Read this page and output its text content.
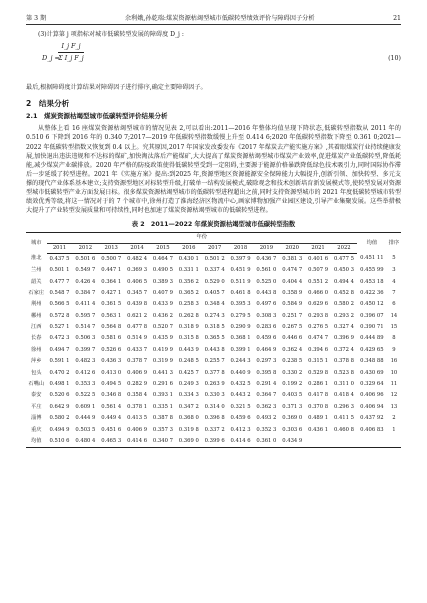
第 3 期	余利娥,孙乾瑞:煤炭资源枯竭型城市低碳转型绩效评价与障碍因子分析	21

(3)计算第 j 项指标对城市低碳转型发展的障碍度 D_j :

D_j =
$\frac{\text{I\_j F\_j}}{\text{Σ I\_j F\_j}}$	(10)

最后,根据障碍度计算结果对障碍因子进行排序,确定主要障碍因子。

2　结果分析
2.1　煤炭资源枯竭型城市低碳转型评价结果分析

从整体上看 16 座煤炭资源枯竭型城市的情况见表 2,可以看出:2011—2016 年整体均值呈现下降状态,低碳转型指数从 2011 年的 0.510 6 下降到 2016 年的 0.340 7;2017—2019 年低碳转型指数缓慢上升至 0.414 6;2020 年低碳转型指数下降至 0.361 0;2021—2022 年低碳转型指数又恢复到 0.4 以上。究其原因,2017 年国家发改委发布《2017 年煤炭去产能实施方案》,其着眼煤炭行业持续健康发展,加快退出违法违规和不达标的煤矿,加快淘汰落后产能煤矿,大大提高了煤炭资源枯竭型城市煤炭产业效率,促进煤炭产业低碳转型,降低耗能,减少煤炭产业碳排放。2020 年严格的防疫政策使得低碳转型受到一定阻碍,主要源于能源价格暴跌降低绿色技术吸引力,同时国际协作滞后一步延缓了转型进程。2021 年《实施方案》提出:到2025 年,资源型地区资源能源安全保障能力大幅提升,创新引领、加快转型、多元支撑的现代产业体系基本建立;支持资源型地区对标转型升级,打破单一结构发展模式,破除观念和技术创新培育新发展模式等,使转型发展对资源型城市低碳转型产业方面发展日标。很多煤炭资源枯竭型城市的低碳转型进程超出之前,同时支持资源型城市的 2021 年度低碳转型城市转型绩效优秀等级,将这一情况对于的 7 个城市中,徐州打造了淮海经济区物流中心,画家博物加强产业园区建设,引导产业集聚发展。这些举措极大提升了产业转型发展质量和可持续性,同时也加速了煤炭资源枯竭型城市的低碳转型进程。

表 2　2011—2022 年煤炭资源枯竭型城市低碳转型指数
城市	年份												均值	排序
	2011	2012	2013	2014	2015	2016	2017	2018	2019	2020	2021	2022		
淮北	0.437 5	0.501 6	0.500 7	0.482 4	0.464 7	0.430 1	0.501 2	0.397 9	0.436 7	0.381 3	0.401 6	0.477 5	0.451 11	5
兰州	0.501 1	0.549 7	0.447 1	0.369 3	0.490 5	0.331 1	0.337 4	0.451 9	0.561 0	0.474 7	0.507 9	0.450 3	0.455 99	3
韶关	0.477 7	0.426 4	0.364 1	0.406 5	0.389 3	0.356 2	0.529 0	0.511 9	0.525 0	0.404 4	0.551 2	0.494 4	0.453 18	4
石家庄	0.548 7	0.384 7	0.427 1	0.345 7	0.407 9	0.365 2	0.405 7	0.461 8	0.443 8	0.358 9	0.466 0	0.452 8	0.422 36	7
荆州	0.566 5	0.411 4	0.361 5	0.439 8	0.433 9	0.258 3	0.348 4	0.395 3	0.497 6	0.584 9	0.629 6	0.580 2	0.450 12	6
郴州	0.572 8	0.595 7	0.563 1	0.621 2	0.436 2	0.262 8	0.274 3	0.279 5	0.308 3	0.251 7	0.293 8	0.293 2	0.396 07	14
江西	0.527 1	0.514 7	0.564 8	0.477 8	0.520 7	0.318 9	0.318 5	0.290 9	0.283 6	0.267 5	0.276 5	0.327 4	0.390 71	15
长春	0.472 3	0.506 3	0.581 6	0.514 9	0.435 9	0.315 8	0.365 5	0.368 1	0.459 6	0.446 6	0.474 7	0.396 9	0.444 89	8
徐州	0.494 7	0.399 7	0.526 6	0.433 7	0.419 9	0.443 9	0.443 8	0.399 1	0.464 9	0.362 4	0.394 6	0.372 4	0.429 65	9
萍乡	0.591 1	0.482 3	0.436 3	0.378 7	0.319 9	0.248 5	0.255 7	0.244 3	0.297 3	0.238 5	0.315 1	0.378 8	0.348 88	16
包头	0.470 2	0.412 6	0.413 0	0.406 9	0.441 3	0.425 7	0.377 8	0.440 9	0.395 8	0.330 2	0.529 8	0.523 8	0.430 69	10
石嘴山	0.498 1	0.353 3	0.494 5	0.282 9	0.291 6	0.249 3	0.263 9	0.432 5	0.291 4	0.199 2	0.286 1	0.311 0	0.329 64	11
泰安	0.520 6	0.522 5	0.346 8	0.358 4	0.393 1	0.334 3	0.330 3	0.443 2	0.364 7	0.403 5	0.417 8	0.418 4	0.406 96	12
平庄	0.642 9	0.609 1	0.561 4	0.378 1	0.335 1	0.347 2	0.314 0	0.321 5	0.362 3	0.371 3	0.370 8	0.296 3	0.406 94	13
淄博	0.580 2	0.444 9	0.449 4	0.413 5	0.387 8	0.368 0	0.396 8	0.459 6	0.493 2	0.369 0	0.489 1	0.411 5	0.437 92	2
重庆	0.494 9	0.503 5	0.451 6	0.406 9	0.357 3	0.319 8	0.337 2	0.412 3	0.352 3	0.303 6	0.436 1	0.460 8	0.406 83	1
均值	0.510 6	0.480 4	0.465 3	0.414 6	0.340 7	0.369 0	0.399 6	0.414 6	0.361 0	0.434 9				
